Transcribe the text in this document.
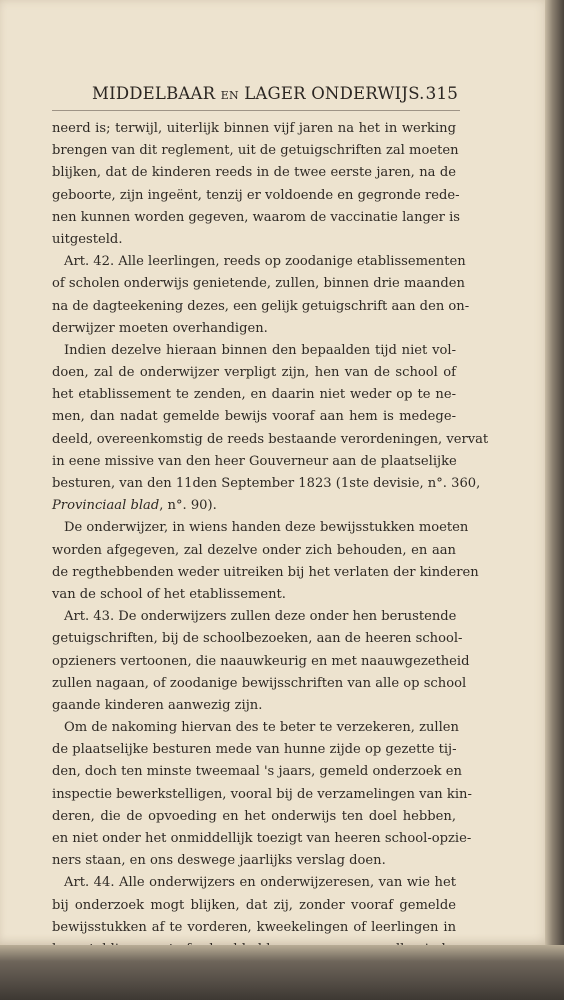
MIDDELBAAR EN LAGER ONDERWIJS. 315
neerd is; terwijl, uiterlijk binnen vijf jaren na het in werking
brengen van dit reglement, uit de getuigschriften zal moeten
blijken, dat de kinderen reeds in de twee eerste jaren, na de
geboorte, zijn ingeënt, tenzij er voldoende en gegronde rede-
nen kunnen worden gegeven, waarom de vaccinatie langer is
uitgesteld.
Art. 42. Alle leerlingen, reeds op zoodanige etablissementen
of scholen onderwijs genietende, zullen, binnen drie maanden
na de dagteekening dezes, een gelijk getuigschrift aan den on-
derwijzer moeten overhandigen.
Indien dezelve hieraan binnen den bepaalden tijd niet vol-
doen, zal de onderwijzer verpligt zijn, hen van de school of
het etablissement te zenden, en daarin niet weder op te ne-
men, dan nadat gemelde bewijs vooraf aan hem is medege-
deeld, overeenkomstig de reeds bestaande verordeningen, vervat
in eene missive van den heer Gouverneur aan de plaatselijke
besturen, van den 11den September 1823 (1ste devisie, n°. 360,
Provinciaal blad, n°. 90).
De onderwijzer, in wiens handen deze bewijsstukken moeten
worden afgegeven, zal dezelve onder zich behouden, en aan
de regthebbenden weder uitreiken bij het verlaten der kinderen
van de school of het etablissement.
Art. 43. De onderwijzers zullen deze onder hen berustende
getuigschriften, bij de schoolbezoeken, aan de heeren school-
opzieners vertoonen, die naauwkeurig en met naauwgezetheid
zullen nagaan, of zoodanige bewijsschriften van alle op school
gaande kinderen aanwezig zijn.
Om de nakoming hiervan des te beter te verzekeren, zullen
de plaatselijke besturen mede van hunne zijde op gezette tij-
den, doch ten minste tweemaal 's jaars, gemeld onderzoek en
inspectie bewerkstelligen, vooral bij de verzamelingen van kin-
deren, die de opvoeding en het onderwijs ten doel hebben,
en niet onder het onmiddellijk toezigt van heeren school-opzie-
ners staan, en ons deswege jaarlijks verslag doen.
Art. 44. Alle onderwijzers en onderwijzeresen, van wie het
bij onderzoek mogt blijken, dat zij, zonder vooraf gemelde
bewijsstukken af te vorderen, kweekelingen of leerlingen in
